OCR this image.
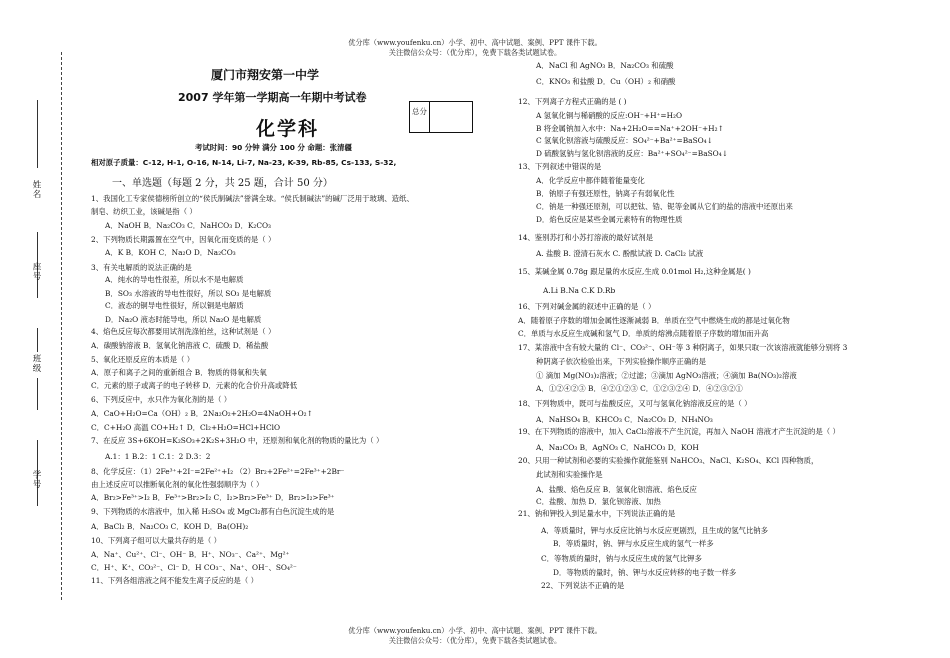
优分库（www.youfenku.cn）小学、初中、高中试题、案例、PPT 课件下载。
关注微信公众号：（优分库），免费下载各类试题试卷。
优分库（www.youfenku.cn）小学、初中、高中试题、案例、PPT 课件下载。
关注微信公众号：（优分库），免费下载各类试题试卷。
姓名
座号
班级
学号
厦门市翔安第一中学
2007 学年第一学期高一年期中考试卷
化学科
考试时间：90 分钟 满分 100 分 命题：张清疆
相对原子质量：C-12, H-1, O-16, N-14, Li-7, Na-23, K-39, Rb-85, Cs-133, S-32,
总分
一、单选题（每题 2 分，共 25 题，合计 50 分）
1、我国化工专家侯德榜所创立的“侯氏制碱法”誉满全球。“侯氏制碱法”的碱厂泛用于玻璃、造纸、
制皂、纺织工业，该碱是指（ ）
A．NaOH B．Na₂CO₃ C．NaHCO₃ D．K₂CO₃
2、下列物质长期露置在空气中，因氧化而变质的是（ ）
A．K B．KOH C．Na₂O D．Na₂CO₃
3、有关电解质的说法正确的是
A．纯水的导电性很差，所以水不是电解质
B．SO₃ 水溶液的导电性很好，所以 SO₃ 是电解质
C．液态的铜导电性很好，所以铜是电解质
D．Na₂O 液态时能导电，所以 Na₂O 是电解质
4、焰色反应每次都要用试剂洗涤铂丝，这种试剂是（ ）
A．碳酸钠溶液 B．氢氧化钠溶液 C．硫酸 D．稀盐酸
5、氧化还原反应的本质是（ ）
A．原子和离子之间的重新组合 B．物质的得氧和失氧
C．元素的原子或离子的电子转移 D．元素的化合价升高或降低
6、下列反应中，水只作为氧化剂的是（ ）
A．CaO+H₂O=Ca（OH）₂ B．2Na₂O₂+2H₂O=4NaOH+O₂↑
C．C+H₂O 高温 CO+H₂↑ D．Cl₂+H₂O=HCl+HClO
7、在反应 3S+6KOH=K₂SO₃+2K₂S+3H₂O 中，还原剂和氧化剂的物质的量比为（ ）
A.1：1 B.2：1 C.1：2 D.3：2
8、化学反应：（1）2Fe³⁺+2I⁻=2Fe²⁺+I₂ （2）Br₂+2Fe²⁺=2Fe³⁺+2Br⁻
由上述反应可以推断氧化剂的氧化性强弱顺序为（ ）
A．Br₂>Fe³⁺>I₂ B．Fe³⁺>Br₂>I₂ C．I₂>Br₂>Fe³⁺ D．Br₂>I₂>Fe³⁺
9、下列物质的水溶液中，加入稀 H₂SO₄ 或 MgCl₂都有白色沉淀生成的是
A．BaCl₂ B．Na₂CO₃ C．KOH D．Ba(OH)₂
10、下列离子组可以大量共存的是（ ）
A．Na⁺、Cu²⁺、Cl⁻、OH⁻ B．H⁺、NO₃⁻、Ca²⁺、Mg²⁺
C．H⁺、K⁺、CO₃²⁻、Cl⁻ D．H CO₃⁻、Na⁺、OH⁻、SO₄²⁻
11、下列各组溶液之间不能发生离子反应的是（ ）
A．NaCl 和 AgNO₃ B．Na₂CO₃ 和硫酸
C．KNO₃ 和盐酸 D．Cu（OH）₂ 和硝酸
12、下列离子方程式正确的是 ( )
A 氢氧化铜与稀硝酸的反应:OH⁻+H⁺=H₂O
B 将金属钠加入水中：Na+2H₂O==Na⁺+2OH⁻+H₂↑
C 氢氧化钡溶液与硫酸反应：SO₄²⁻+Ba²⁺=BaSO₄↓
D 硫酸氢钠与氢化钡溶液的反应：Ba²⁺+SO₄²⁻=BaSO₄↓
13、下列叙述中错误的是
A．化学反应中都伴随着能量变化
B．钠原子有强还原性，钠离子有弱氧化性
C．钠是一种强还原剂，可以把钛、锆、铌等金属从它们的盐的溶液中还原出来
D．焰色反应是某些金属元素特有的物理性质
14、鉴别苏打和小苏打溶液的最好试剂是
A. 盐酸 B. 澄清石灰水 C. 酚酞试液 D. CaCl₂ 试液
15、某碱金属 0.78g 跟足量的水反应,生成 0.01mol H₂,这种金属是( )
A.Li B.Na C.K D.Rb
16、下列对碱金属的叙述中正确的是（ ）
A．随着原子序数的增加金属性逐渐减弱 B．单质在空气中燃烧生成的都是过氧化物
C．单质与水反应生成碱和氢气 D．单质的熔沸点随着原子序数的增加而升高
17、某溶液中含有较大量的 Cl⁻、CO₃²⁻、OH⁻等 3 种阴离子，如果只取一次该溶液就能够分别将 3
种阴离子依次检验出来，下列实验操作顺序正确的是
① 滴加 Mg(NO₃)₂溶液；②过滤；③滴加 AgNO₃溶液；④滴加 Ba(NO₃)₂溶液
A．①②④②③ B．④②①②③ C．①②③②④ D．④②③②①
18、下列物质中，既可与盐酸反应，又可与氢氧化钠溶液反应的是（ ）
A．NaHSO₄ B．KHCO₃ C．Na₂CO₃ D．NH₄NO₃
19、在下列物质的溶液中，加入 CaCl₂溶液不产生沉淀，再加入 NaOH 溶液才产生沉淀的是（ ）
A．Na₂CO₃ B．AgNO₃ C．NaHCO₃ D．KOH
20、只用一种试剂和必要的实验操作就能鉴别 NaHCO₃、NaCl、K₂SO₄、KCl 四种物质，
此试剂和实验操作是
A．盐酸、焰色反应 B．氢氧化钡溶液、焰色反应
C．盐酸、加热 D．氯化钡溶液、加热
21、钠和钾投入到足量水中，下列说法正确的是
A．等质量时，钾与水反应比钠与水反应更剧烈，且生成的氢气比钠多
B．等质量时，钠、钾与水反应生成的氢气一样多
C．等物质的量时，钠与水反应生成的氢气比钾多
D．等物质的量时，钠、钾与水反应转移的电子数一样多
22、下列说法不正确的是
